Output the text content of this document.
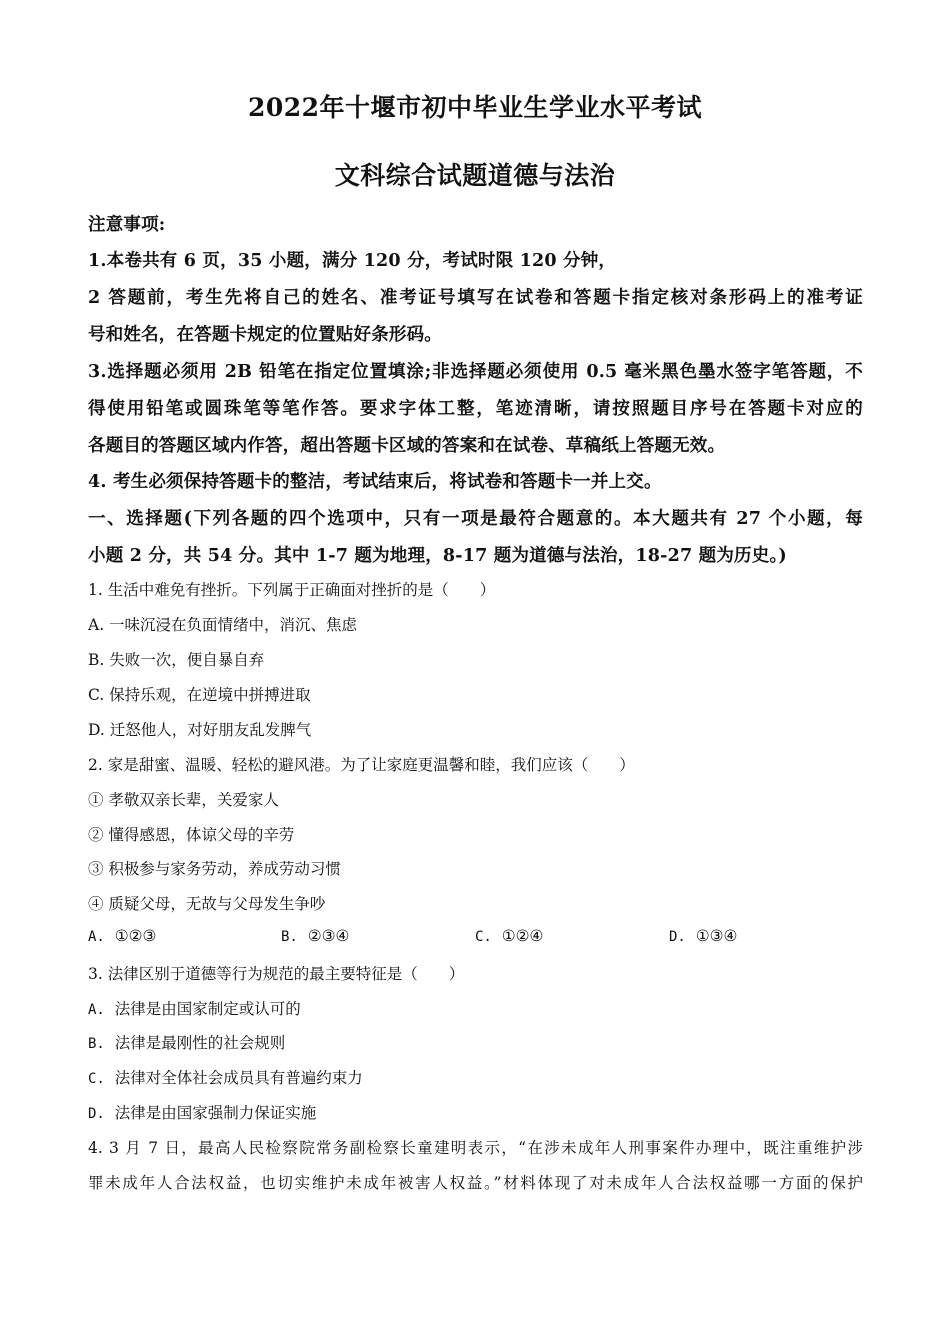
2022年十堰市初中毕业生学业水平考试
文科综合试题道德与法治
注意事项:
1.本卷共有 6 页，35 小题，满分 120 分，考试时限 120 分钟，
2 答题前，考生先将自己的姓名、准考证号填写在试卷和答题卡指定核对条形码上的准考证
号和姓名，在答题卡规定的位置贴好条形码。
3.选择题必须用 2B 铅笔在指定位置填涂;非选择题必须使用 0.5 毫米黑色墨水签字笔答题，不
得使用铅笔或圆珠笔等笔作答。要求字体工整，笔迹清晰，请按照题目序号在答题卡对应的
各题目的答题区域内作答，超出答题卡区域的答案和在试卷、草稿纸上答题无效。
4. 考生必须保持答题卡的整洁，考试结束后，将试卷和答题卡一并上交。
一、选择题(下列各题的四个选项中，只有一项是最符合题意的。本大题共有 27 个小题，每
小题 2 分，共 54 分。其中 1-7 题为地理，8-17 题为道德与法治，18-27 题为历史。)
1. 生活中难免有挫折。下列属于正确面对挫折的是（　　）
A. 一味沉浸在负面情绪中，消沉、焦虑
B. 失败一次，便自暴自弃
C. 保持乐观，在逆境中拼搏进取
D. 迁怒他人，对好朋友乱发脾气
2. 家是甜蜜、温暖、轻松的避风港。为了让家庭更温馨和睦，我们应该（　　）
① 孝敬双亲长辈，关爱家人
② 懂得感恩，体谅父母的辛劳
③ 积极参与家务劳动，养成劳动习惯
④ 质疑父母，无故与父母发生争吵
A. ①②③	B. ②③④	C. ①②④	D. ①③④
3. 法律区别于道德等行为规范的最主要特征是（　　）
A. 法律是由国家制定或认可的
B. 法律是最刚性的社会规则
C. 法律对全体社会成员具有普遍约束力
D. 法律是由国家强制力保证实施
4. 3 月 7 日，最高人民检察院常务副检察长童建明表示，“在涉未成年人刑事案件办理中，既注重维护涉
罪未成年人合法权益，也切实维护未成年被害人权益。”材料体现了对未成年人合法权益哪一方面的保护
